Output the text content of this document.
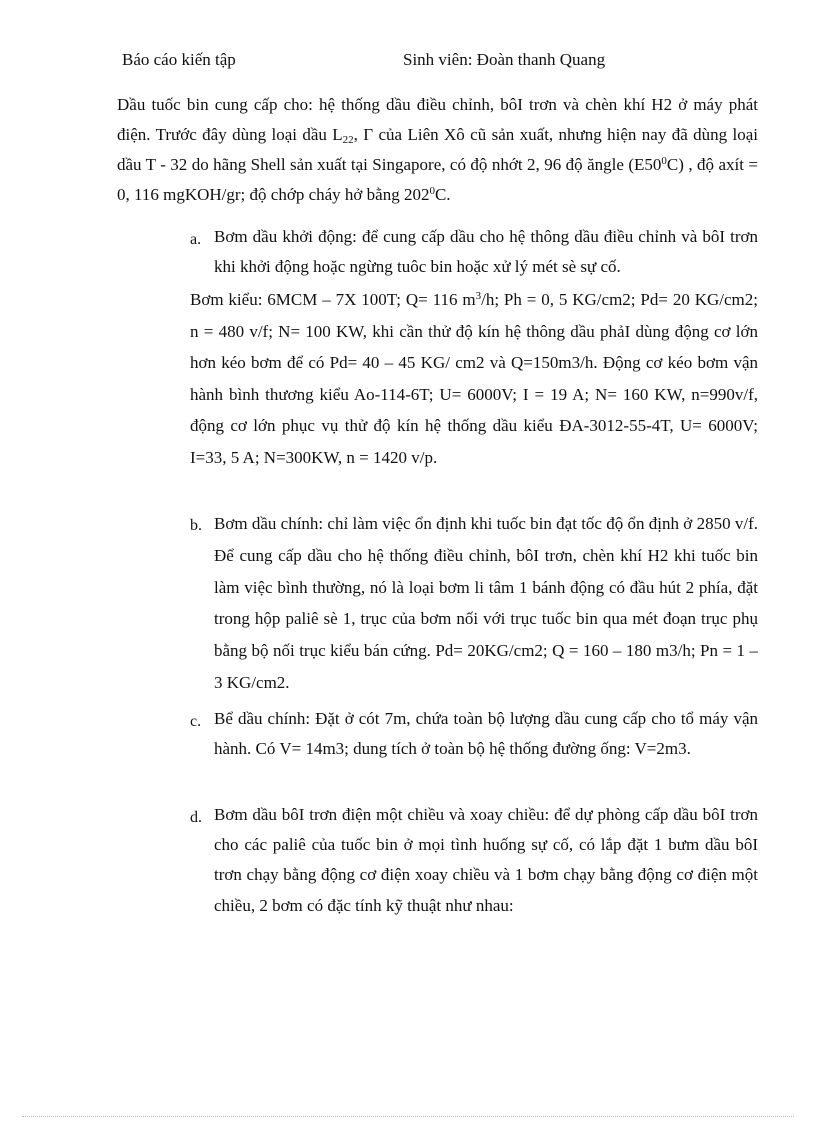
Báo cáo kiến tập	Sinh viên: Đoàn thanh Quang
Dầu tuốc bin cung cấp cho: hệ thống dầu điều chỉnh, bôI trơn và chèn khí H2 ở máy phát điện. Trước đây dùng loại dầu $L_{22}$, Γ của Liên Xô cũ sản xuất, nhưng hiện nay đã dùng loại dầu T - 32 do hãng Shell sản xuất tại Singapore, có độ nhớt 2, 96 độ ăngle $(E50^0C)$ , độ axít = 0, 116 mgKOH/gr; độ chớp cháy hở bằng $202^0C$.
a. Bơm dầu khởi động: để cung cấp dầu cho hệ thông dầu điều chỉnh và bôI trơn khi khởi động hoặc ngừng tuôc bin hoặc xử lý mét sè sự cố.
Bơm kiểu: 6MCM – 7X 100T; Q= 116 $m^3/h$; Ph = 0, 5 KG/cm2; Pd= 20 KG/cm2; n = 480 v/f; N= 100 KW, khi cần thử độ kín hệ thông dầu phảI dùng động cơ lớn hơn kéo bơm để có Pd= 40 – 45 KG/ cm2 và Q=150m3/h. Động cơ kéo bơm vận hành bình thương kiểu Ao-114-6T; U= 6000V; I = 19 A; N= 160 KW, n=990v/f, động cơ lớn phục vụ thử độ kín hệ thống dầu kiểu ĐA-3012-55-4T, U= 6000V; I=33, 5 A; N=300KW, n = 1420 v/p.
b. Bơm dầu chính: chỉ làm việc ổn định khi tuốc bin đạt tốc độ ổn định ở 2850 v/f. Để cung cấp dầu cho hệ thống điều chỉnh, bôI trơn, chèn khí H2 khi tuốc bin làm việc bình thường, nó là loại bơm li tâm 1 bánh động có đầu hút 2 phía, đặt trong hộp paliê sè 1, trục của bơm nối với trục tuốc bin qua mét đoạn trục phụ bằng bộ nối trục kiểu bán cứng. Pd= 20KG/cm2; Q = 160 – 180 m3/h; Pn = 1 – 3 KG/cm2.
c. Bể dầu chính: Đặt ở cót 7m, chứa toàn bộ lượng dầu cung cấp cho tổ máy vận hành. Có V= 14m3; dung tích ở toàn bộ hệ thống đường ống: V=2m3.
d. Bơm dầu bôI trơn điện một chiều và xoay chiều: để dự phòng cấp dầu bôI trơn cho các paliê của tuốc bin ở mọi tình huống sự cố, có lắp đặt 1 bưm dầu bôI trơn chạy bằng động cơ điện xoay chiều và 1 bơm chạy bằng động cơ điện một chiều, 2 bơm có đặc tính kỹ thuật như nhau:
